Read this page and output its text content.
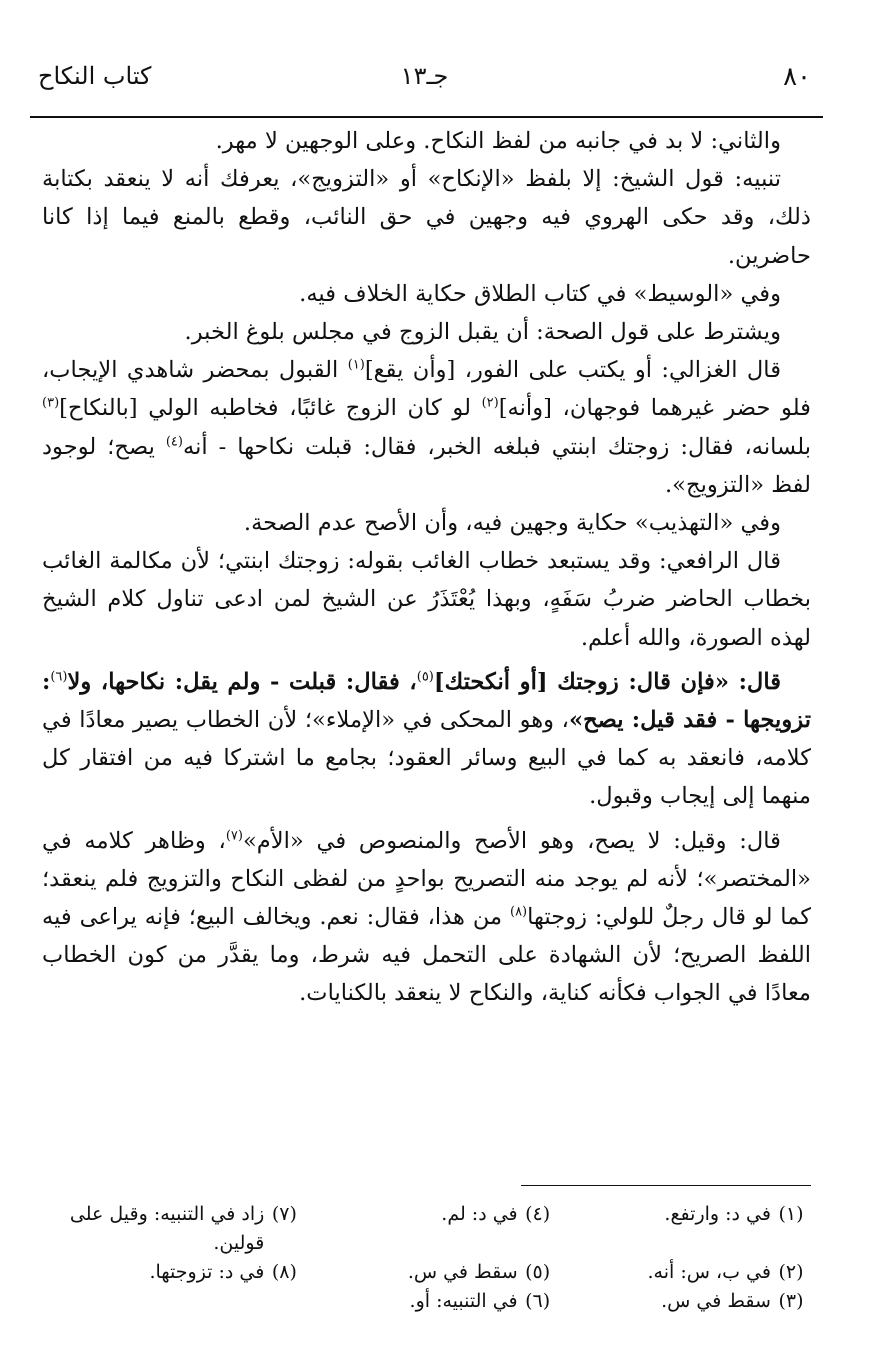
٨٠
جـ١٣
كتاب النكاح

والثاني: لا بد في جانبه من لفظ النكاح. وعلى الوجهين لا مهر.

تنبيه: قول الشيخ: إلا بلفظ «الإنكاح» أو «التزويج»، يعرفك أنه لا ينعقد بكتابة ذلك، وقد حكى الهروي فيه وجهين في حق النائب، وقطع بالمنع فيما إذا كانا حاضرين.

وفي «الوسيط» في كتاب الطلاق حكاية الخلاف فيه.

ويشترط على قول الصحة: أن يقبل الزوج في مجلس بلوغ الخبر.

قال الغزالي: أو يكتب على الفور، [وأن يقع]$^{(١)}$ القبول بمحضر شاهدي الإيجاب، فلو حضر غيرهما فوجهان، [وأنه]$^{(٢)}$ لو كان الزوج غائبًا، فخاطبه الولي [بالنكاح]$^{(٣)}$ بلسانه، فقال: زوجتك ابنتي فبلغه الخبر، فقال: قبلت نكاحها - أنه$^{(٤)}$ يصح؛ لوجود لفظ «التزويج».

وفي «التهذيب» حكاية وجهين فيه، وأن الأصح عدم الصحة.

قال الرافعي: وقد يستبعد خطاب الغائب بقوله: زوجتك ابنتي؛ لأن مكالمة الغائب بخطاب الحاضر ضربُ سَفَهٍ، وبهذا يُعْتَذَرُ عن الشيخ لمن ادعى تناول كلام الشيخ لهذه الصورة، والله أعلم.

قال: «فإن قال: زوجتك [أو أنكحتك]$^{(٥)}$، فقال: قبلت - ولم يقل: نكاحها، ولا$^{(٦)}$: تزويجها - فقد قيل: يصح»، وهو المحكى في «الإملاء»؛ لأن الخطاب يصير معادًا في كلامه، فانعقد به كما في البيع وسائر العقود؛ بجامع ما اشتركا فيه من افتقار كل منهما إلى إيجاب وقبول.

قال: وقيل: لا يصح، وهو الأصح والمنصوص في «الأم»$^{(٧)}$، وظاهر كلامه في «المختصر»؛ لأنه لم يوجد منه التصريح بواحدٍ من لفظى النكاح والتزويج فلم ينعقد؛ كما لو قال رجلٌ للولي: زوجتها$^{(٨)}$ من هذا، فقال: نعم. ويخالف البيع؛ فإنه يراعى فيه اللفظ الصريح؛ لأن الشهادة على التحمل فيه شرط، وما يقدَّر من كون الخطاب معادًا في الجواب فكأنه كناية، والنكاح لا ينعقد بالكنايات.

(١)	في د: وارتفع.	(٤)	في د: لم.	(٧)	زاد في التنبيه: وقيل على قولين.
(٢)	في ب، س: أنه.	(٥)	سقط في س.	(٨)	في د: تزوجتها.
(٣)	سقط في س.	(٦)	في التنبيه: أو.		
